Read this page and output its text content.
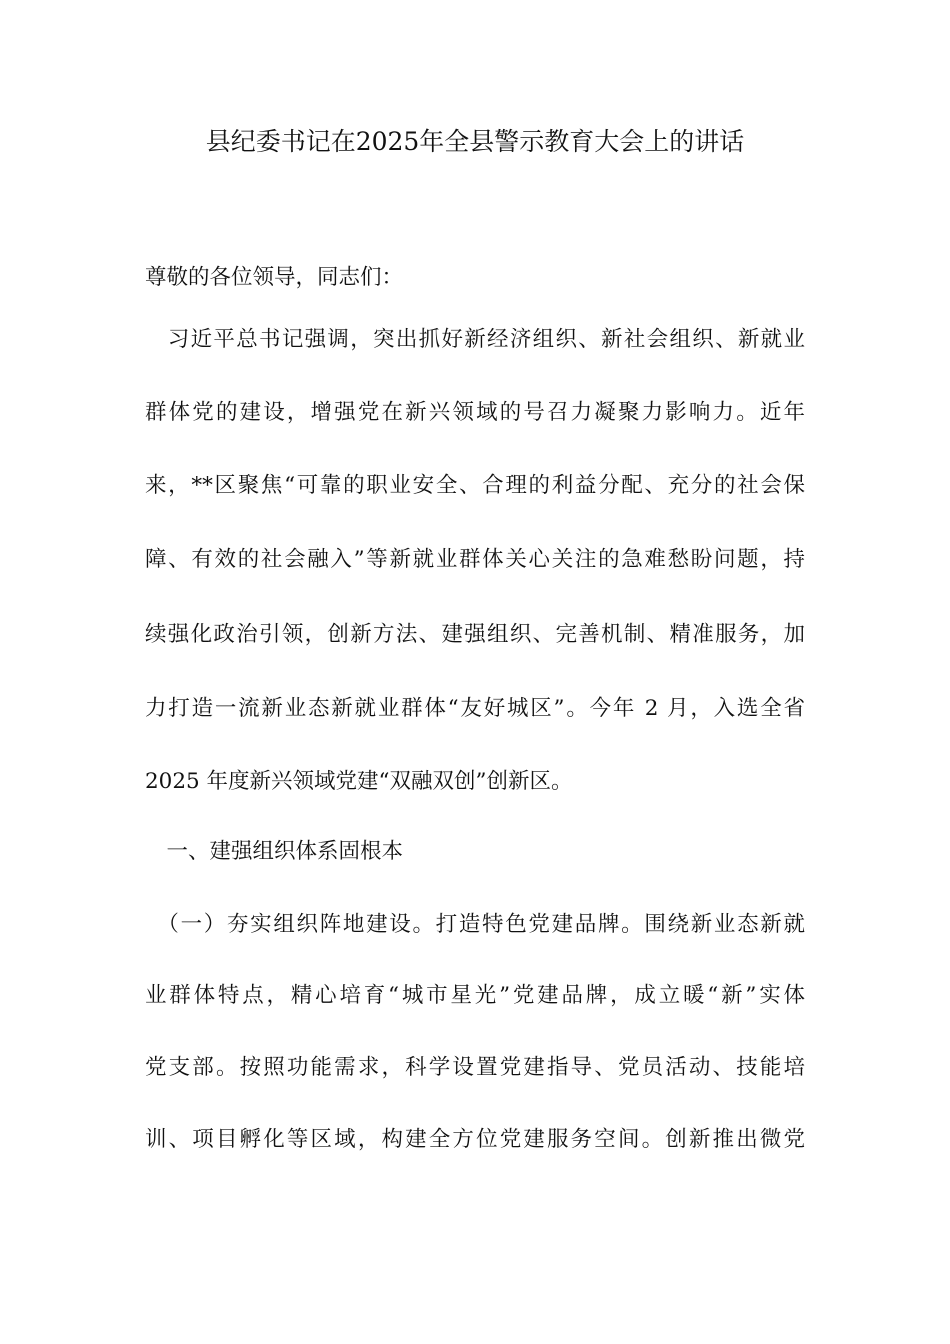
县纪委书记在2025年全县警示教育大会上的讲话
尊敬的各位领导，同志们：
　习近平总书记强调，突出抓好新经济组织、新社会组织、新就业
群体党的建设，增强党在新兴领域的号召力凝聚力影响力。近年
来，**区聚焦“可靠的职业安全、合理的利益分配、充分的社会保
障、有效的社会融入”等新就业群体关心关注的急难愁盼问题，持
续强化政治引领，创新方法、建强组织、完善机制、精准服务，加
力打造一流新业态新就业群体“友好城区”。今年 2 月，入选全省
2025 年度新兴领域党建“双融双创”创新区。
　一、建强组织体系固根本
　（一）夯实组织阵地建设。打造特色党建品牌。围绕新业态新就
业群体特点，精心培育“城市星光”党建品牌，成立暖“新”实体
党支部。按照功能需求，科学设置党建指导、党员活动、技能培
训、项目孵化等区域，构建全方位党建服务空间。创新推出微党
